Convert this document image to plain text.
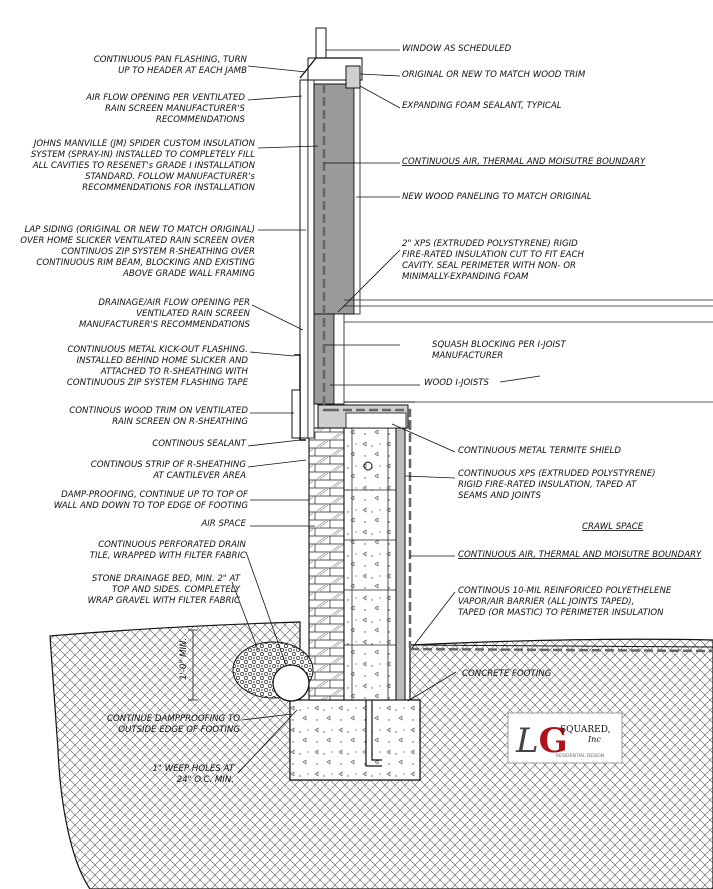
1'-0" MIN.
CONTINUOUS PAN FLASHING, TURN
UP TO HEADER AT EACH JAMB
AIR FLOW OPENING PER VENTILATED
RAIN SCREEN MANUFACTURER'S
RECOMMENDATIONS
JOHNS MANVILLE (JM) SPIDER CUSTOM INSULATION
SYSTEM (SPRAY-IN) INSTALLED TO COMPLETELY FILL
ALL CAVITIES TO RESENET's GRADE I INSTALLATION
STANDARD. FOLLOW MANUFACTURER's
RECOMMENDATIONS FOR INSTALLATION
LAP SIDING (ORIGINAL OR NEW TO MATCH ORIGINAL)
OVER HOME SLICKER VENTILATED RAIN SCREEN OVER
CONTINUOS ZIP SYSTEM R-SHEATHING OVER
CONTINUOUS RIM BEAM, BLOCKING AND EXISTING
ABOVE GRADE WALL FRAMING
DRAINAGE/AIR FLOW OPENING PER
VENTILATED RAIN SCREEN
MANUFACTURER'S RECOMMENDATIONS
CONTINUOUS METAL KICK-OUT FLASHING.
INSTALLED BEHIND HOME SLICKER AND
ATTACHED TO R-SHEATHING WITH
CONTINUOUS ZIP SYSTEM FLASHING TAPE
CONTINOUS WOOD TRIM ON VENTILATED
RAIN SCREEN ON R-SHEATHING
CONTINOUS SEALANT
CONTINOUS STRIP OF R-SHEATHING
AT CANTILEVER AREA
DAMP-PROOFING, CONTINUE UP TO TOP OF
WALL AND DOWN TO TOP EDGE OF FOOTING
AIR SPACE
CONTINUOUS PERFORATED DRAIN
TILE, WRAPPED WITH FILTER FABRIC
STONE DRAINAGE BED, MIN. 2" AT
TOP AND SIDES. COMPLETELY
WRAP GRAVEL WITH FILTER FABRIC
CONTINUE DAMPPROOFING TO
OUTSIDE EDGE OF FOOTING
1" WEEP HOLES AT
24" O.C. MIN.
WINDOW AS SCHEDULED
ORIGINAL OR NEW TO MATCH WOOD TRIM
EXPANDING FOAM SEALANT, TYPICAL
CONTINUOUS AIR, THERMAL AND MOISUTRE BOUNDARY
NEW WOOD PANELING TO MATCH ORIGINAL
2" XPS (EXTRUDED POLYSTYRENE) RIGID
FIRE-RATED INSULATION CUT TO FIT EACH
CAVITY. SEAL PERIMETER WITH NON- OR
MINIMALLY-EXPANDING FOAM
SQUASH BLOCKING PER I-JOIST
MANUFACTURER
WOOD I-JOISTS
CONTINUOUS METAL TERMITE SHIELD
CONTINUOUS XPS (EXTRUDED POLYSTYRENE)
RIGID FIRE-RATED INSULATION, TAPED AT
SEAMS AND JOINTS
CRAWL SPACE
CONTINUOUS AIR, THERMAL AND MOISUTRE BOUNDARY
CONTINOUS 10-MIL REINFORICED POLYETHELENE
VAPOR/AIR BARRIER (ALL JOINTS TAPED),
TAPED (OR MASTIC) TO PERIMETER INSULATION
CONCRETE FOOTING
LG
SQUARED,
Inc
RESIDENTIAL DESIGN
